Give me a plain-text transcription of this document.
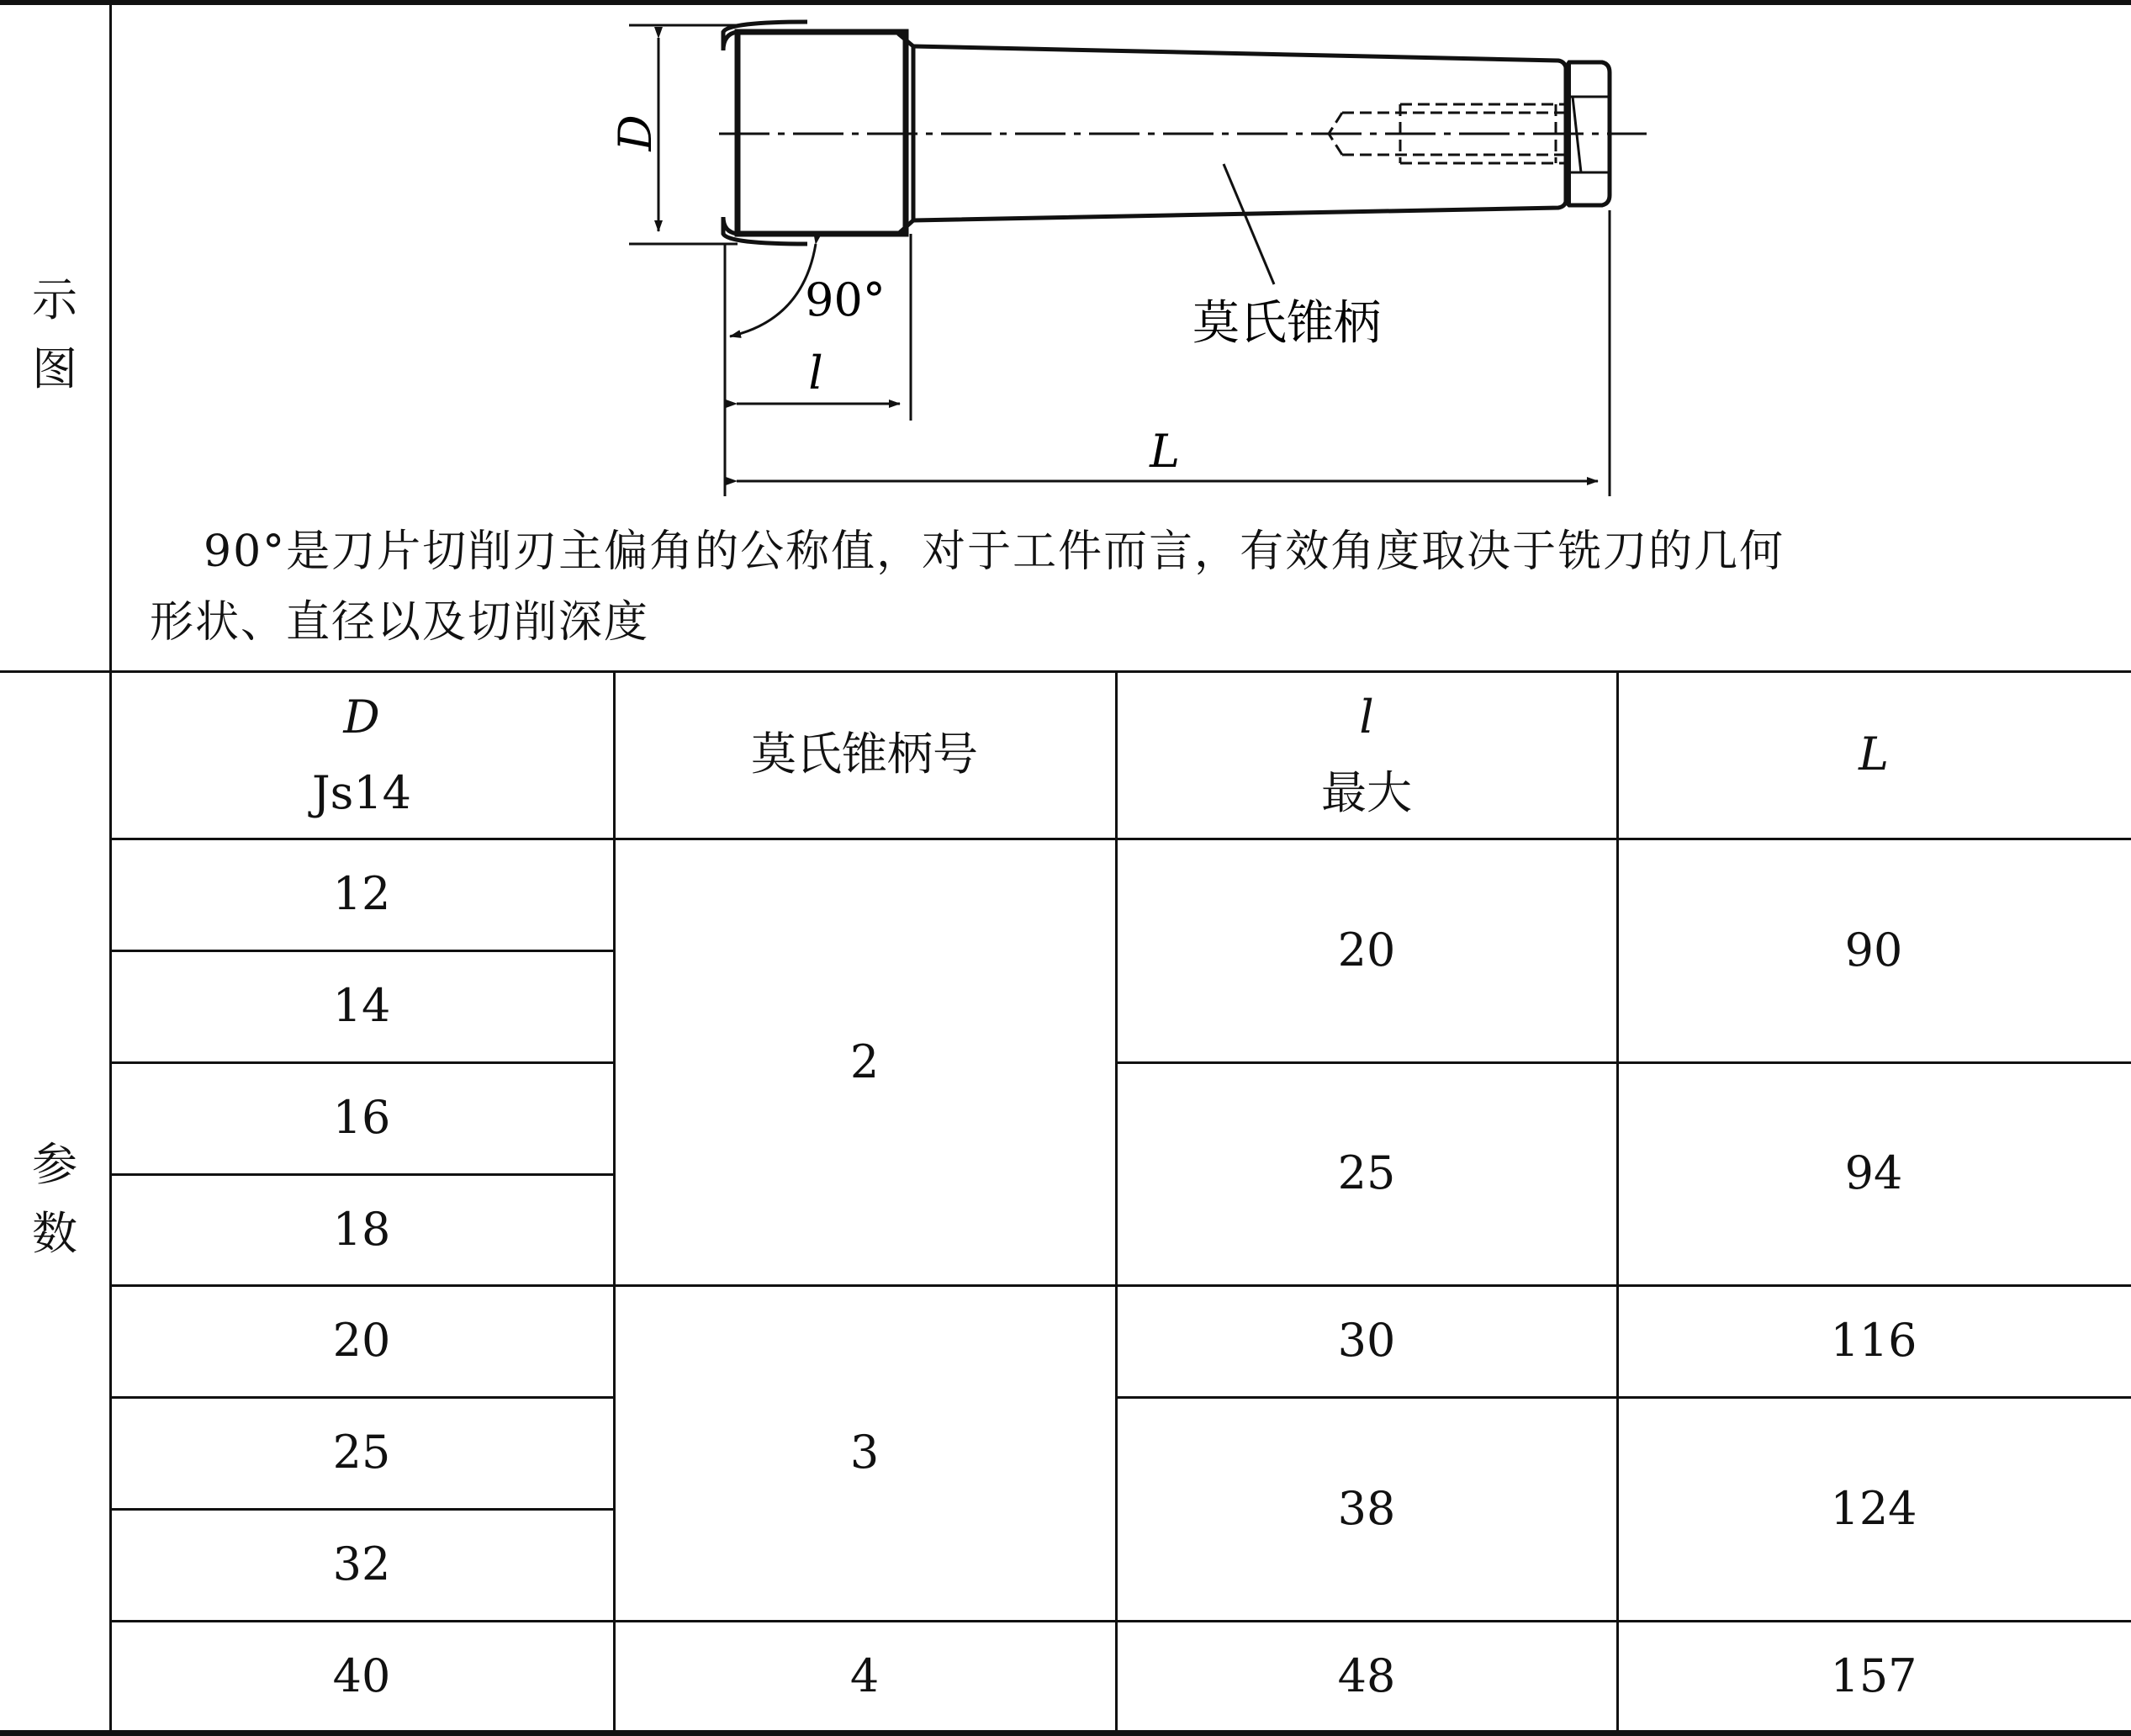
示图
参数
D
90°
l
L
莫氏锥柄
90°是刀片切削刃主偏角的公称值，对于工件而言，有效角度取决于铣刀的几何
形状、直径以及切削深度
D
Js14
莫氏锥柄号
l
最大
L
12
14
16
18
20
25
32
40
2
3
4
20
25
30
38
48
90
94
116
124
157
